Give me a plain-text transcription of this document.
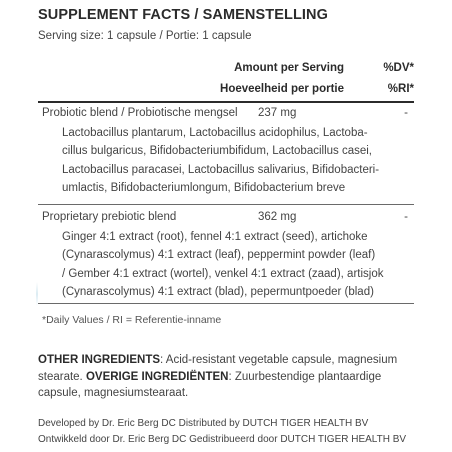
SUPPLEMENT FACTS / SAMENSTELLING
Serving size: 1 capsule / Portie: 1 capsule
Amount per Serving	%DV*
Hoeveelheid per portie	%RI*
Probiotic blend / Probiotische mengsel 237 mg	-
Lactobacillus plantarum, Lactobacillus acidophilus, Lactoba-
cillus bulgaricus, Bifidobacteriumbifidum, Lactobacillus casei,
Lactobacillus paracasei, Lactobacillus salivarius, Bifidobacteri-
umlactis, Bifidobacteriumlongum, Bifidobacterium breve
Proprietary prebiotic blend	362 mg	-
Ginger 4:1 extract (root), fennel 4:1 extract (seed), artichoke
(Cynarascolymus) 4:1 extract (leaf), peppermint powder (leaf)
/ Gember 4:1 extract (wortel), venkel 4:1 extract (zaad), artisjok
(Cynarascolymus) 4:1 extract (blad), pepermuntpoeder (blad)
*Daily Values / RI = Referentie-inname
OTHER INGREDIENTS: Acid-resistant vegetable capsule, magnesium
stearate. OVERIGE INGREDIËNTEN: Zuurbestendige plantaardige
capsule, magnesiumstearaat.
Developed by Dr. Eric Berg DC Distributed by DUTCH TIGER HEALTH BV
Ontwikkeld door Dr. Eric Berg DC Gedistribueerd door DUTCH TIGER HEALTH BV
